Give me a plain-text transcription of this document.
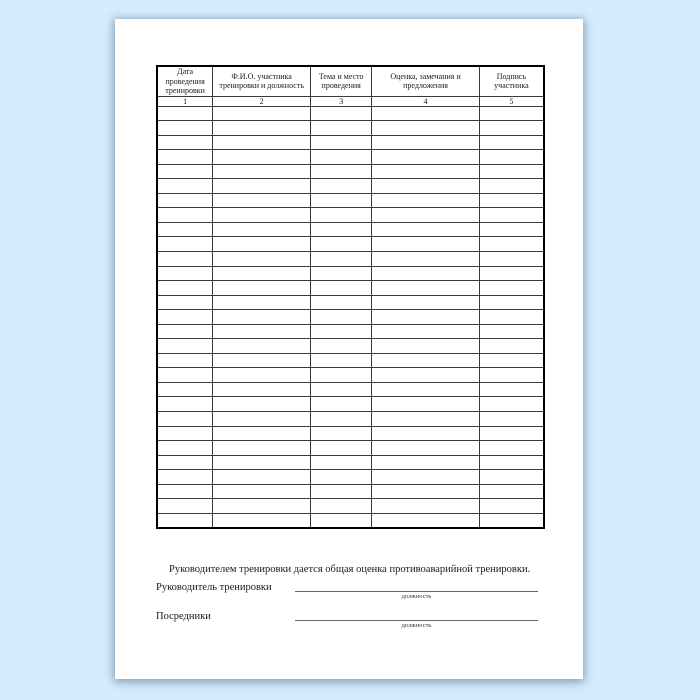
Дата проведения тренировки	Ф.И.О. участника тренировки и должность	Тема и место проведения	Оценка, замечания и предложения	Подпись участника
1	2	3	4	5

Руководителем тренировки дается общая оценка противоаварийной тренировки.
Руководитель тренировки
должность
Посредники
должность
